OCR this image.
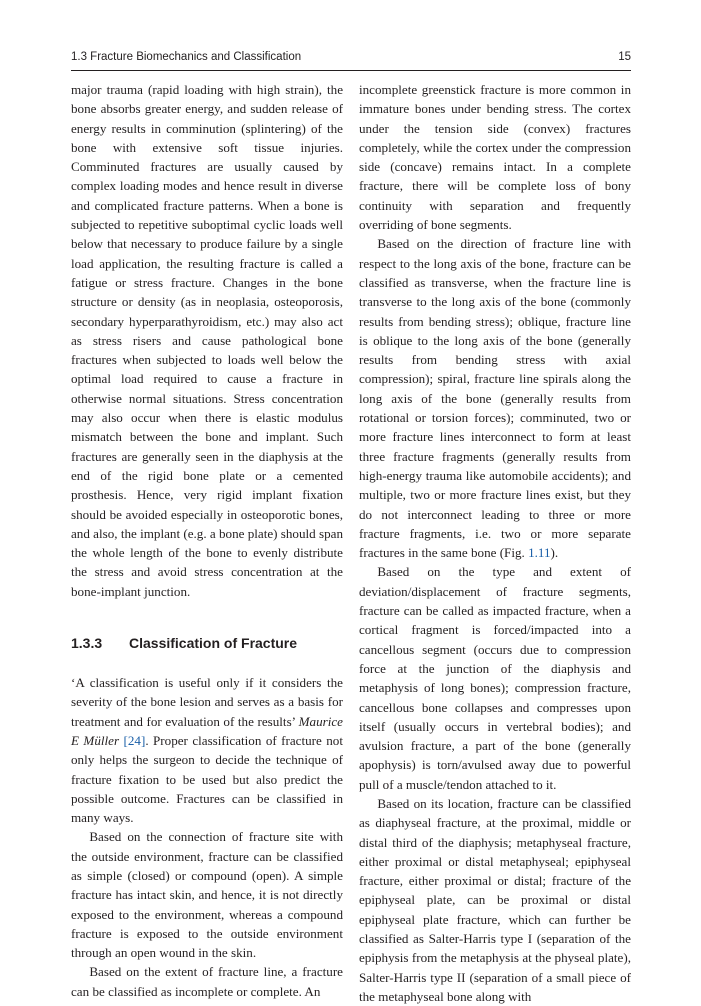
1.3 Fracture Biomechanics and Classification	15

major trauma (rapid loading with high strain), the bone absorbs greater energy, and sudden release of energy results in comminution (splintering) of the bone with extensive soft tissue injuries. Comminuted fractures are usually caused by complex loading modes and hence result in diverse and complicated fracture patterns. When a bone is subjected to repetitive suboptimal cyclic loads well below that necessary to produce failure by a single load application, the resulting fracture is called a fatigue or stress fracture. Changes in the bone structure or density (as in neoplasia, osteoporosis, secondary hyperparathyroidism, etc.) may also act as stress risers and cause pathological bone fractures when subjected to loads well below the optimal load required to cause a fracture in otherwise normal situations. Stress concentration may also occur when there is elastic modulus mismatch between the bone and implant. Such fractures are generally seen in the diaphysis at the end of the rigid bone plate or a cemented prosthesis. Hence, very rigid implant fixation should be avoided especially in osteoporotic bones, and also, the implant (e.g. a bone plate) should span the whole length of the bone to evenly distribute the stress and avoid stress concentration at the bone-implant junction.

1.3.3 Classification of Fracture

‘A classification is useful only if it considers the severity of the bone lesion and serves as a basis for treatment and for evaluation of the results’ Maurice E Müller [24]. Proper classification of fracture not only helps the surgeon to decide the technique of fracture fixation to be used but also predict the possible outcome. Fractures can be classified in many ways.

Based on the connection of fracture site with the outside environment, fracture can be classified as simple (closed) or compound (open). A simple fracture has intact skin, and hence, it is not directly exposed to the environment, whereas a compound fracture is exposed to the outside environment through an open wound in the skin.

Based on the extent of fracture line, a fracture can be classified as incomplete or complete. An

incomplete greenstick fracture is more common in immature bones under bending stress. The cortex under the tension side (convex) fractures completely, while the cortex under the compression side (concave) remains intact. In a complete fracture, there will be complete loss of bony continuity with separation and frequently overriding of bone segments.

Based on the direction of fracture line with respect to the long axis of the bone, fracture can be classified as transverse, when the fracture line is transverse to the long axis of the bone (commonly results from bending stress); oblique, fracture line is oblique to the long axis of the bone (generally results from bending stress with axial compression); spiral, fracture line spirals along the long axis of the bone (generally results from rotational or torsion forces); comminuted, two or more fracture lines interconnect to form at least three fracture fragments (generally results from high-energy trauma like automobile accidents); and multiple, two or more fracture lines exist, but they do not interconnect leading to three or more fracture fragments, i.e. two or more separate fractures in the same bone (Fig. 1.11).

Based on the type and extent of deviation/displacement of fracture segments, fracture can be called as impacted fracture, when a cortical fragment is forced/impacted into a cancellous segment (occurs due to compression force at the junction of the diaphysis and metaphysis of long bones); compression fracture, cancellous bone collapses and compresses upon itself (usually occurs in vertebral bodies); and avulsion fracture, a part of the bone (generally apophysis) is torn/avulsed away due to powerful pull of a muscle/tendon attached to it.

Based on its location, fracture can be classified as diaphyseal fracture, at the proximal, middle or distal third of the diaphysis; metaphyseal fracture, either proximal or distal metaphyseal; epiphyseal fracture, either proximal or distal; fracture of the epiphyseal plate, can be proximal or distal epiphyseal plate fracture, which can further be classified as Salter-Harris type I (separation of the epiphysis from the metaphysis at the physeal plate), Salter-Harris type II (separation of a small piece of the metaphyseal bone along with
